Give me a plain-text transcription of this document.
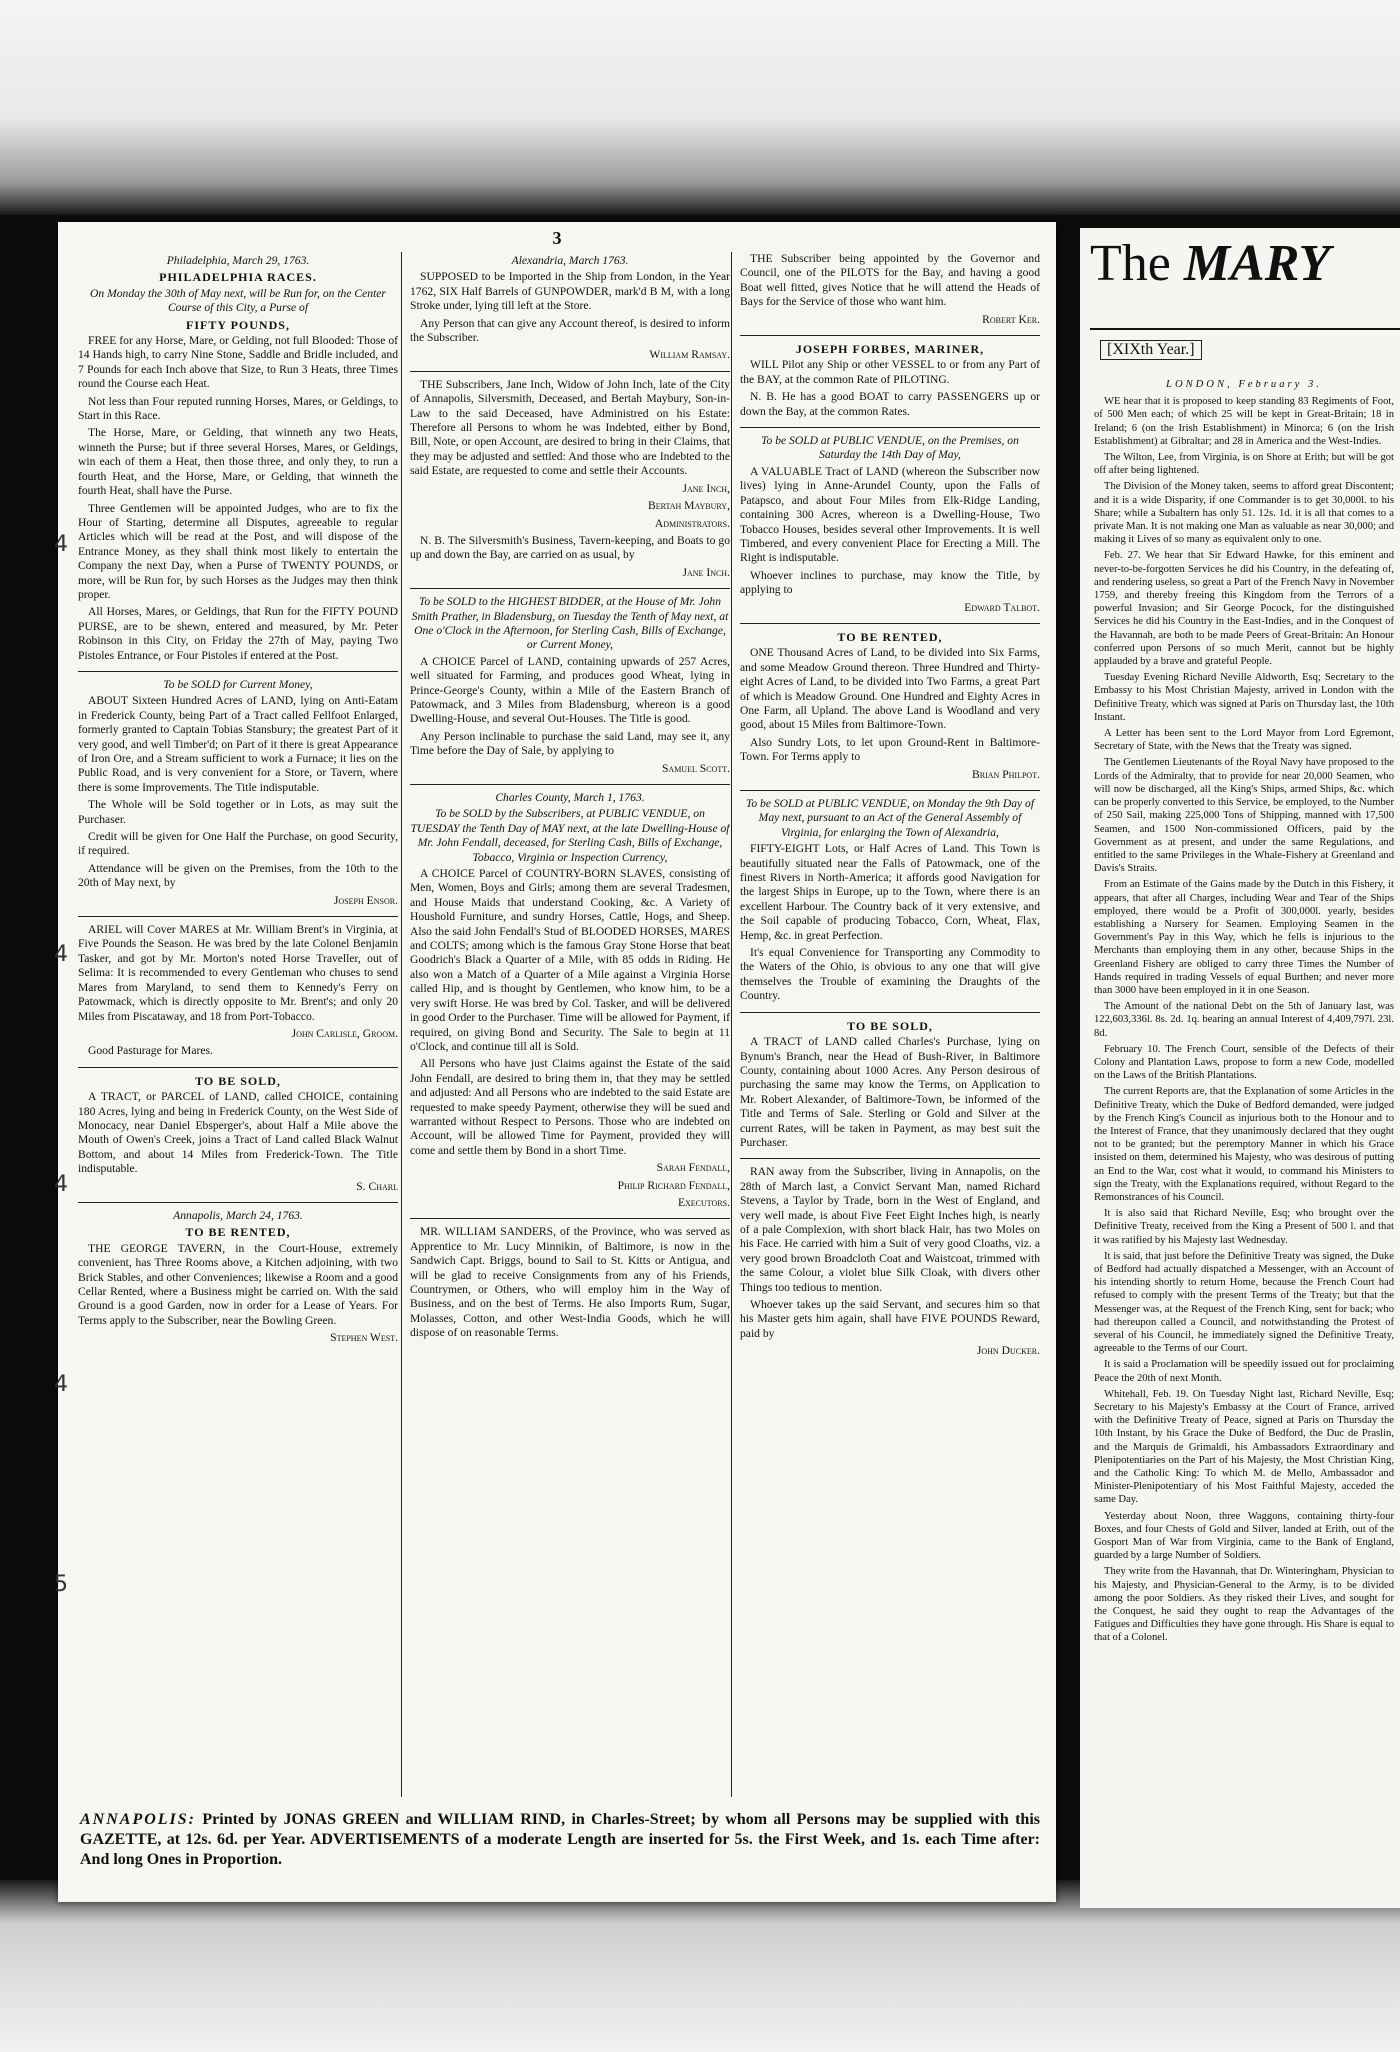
3
4
4
4
4
5

Philadelphia, March 29, 1763.

PHILADELPHIA RACES.

On Monday the 30th of May next, will be Run for, on the Center Course of this City, a Purse of

FIFTY POUNDS,

FREE for any Horse, Mare, or Gelding, not full Blooded: Those of 14 Hands high, to carry Nine Stone, Saddle and Bridle included, and 7 Pounds for each Inch above that Size, to Run 3 Heats, three Times round the Course each Heat.

Not less than Four reputed running Horses, Mares, or Geldings, to Start in this Race.

The Horse, Mare, or Gelding, that winneth any two Heats, winneth the Purse; but if three several Horses, Mares, or Geldings, win each of them a Heat, then those three, and only they, to run a fourth Heat, and the Horse, Mare, or Gelding, that winneth the fourth Heat, shall have the Purse.

Three Gentlemen will be appointed Judges, who are to fix the Hour of Starting, determine all Disputes, agreeable to regular Articles which will be read at the Post, and will dispose of the Entrance Money, as they shall think most likely to entertain the Company the next Day, when a Purse of TWENTY POUNDS, or more, will be Run for, by such Horses as the Judges may then think proper.

All Horses, Mares, or Geldings, that Run for the FIFTY POUND PURSE, are to be shewn, entered and measured, by Mr. Peter Robinson in this City, on Friday the 27th of May, paying Two Pistoles Entrance, or Four Pistoles if entered at the Post.

To be SOLD for Current Money,

ABOUT Sixteen Hundred Acres of LAND, lying on Anti-Eatam in Frederick County, being Part of a Tract called Fellfoot Enlarged, formerly granted to Captain Tobias Stansbury; the greatest Part of it very good, and well Timber'd; on Part of it there is great Appearance of Iron Ore, and a Stream sufficient to work a Furnace; it lies on the Public Road, and is very convenient for a Store, or Tavern, where there is some Improvements. The Title indisputable.

The Whole will be Sold together or in Lots, as may suit the Purchaser.

Credit will be given for One Half the Purchase, on good Security, if required.

Attendance will be given on the Premises, from the 10th to the 20th of May next, by

Joseph Ensor.

ARIEL will Cover MARES at Mr. William Brent's in Virginia, at Five Pounds the Season. He was bred by the late Colonel Benjamin Tasker, and got by Mr. Morton's noted Horse Traveller, out of Selima: It is recommended to every Gentleman who chuses to send Mares from Maryland, to send them to Kennedy's Ferry on Patowmack, which is directly opposite to Mr. Brent's; and only 20 Miles from Piscataway, and 18 from Port-Tobacco.

John Carlisle, Groom.

Good Pasturage for Mares.

TO BE SOLD,

A TRACT, or PARCEL of LAND, called CHOICE, containing 180 Acres, lying and being in Frederick County, on the West Side of Monocacy, near Daniel Ebsperger's, about Half a Mile above the Mouth of Owen's Creek, joins a Tract of Land called Black Walnut Bottom, and about 14 Miles from Frederick-Town. The Title indisputable.

S. Charl

Annapolis, March 24, 1763.

TO BE RENTED,

THE GEORGE TAVERN, in the Court-House, extremely convenient, has Three Rooms above, a Kitchen adjoining, with two Brick Stables, and other Conveniences; likewise a Room and a good Cellar Rented, where a Business might be carried on. With the said Ground is a good Garden, now in order for a Lease of Years. For Terms apply to the Subscriber, near the Bowling Green.

Stephen West.

Alexandria, March 1763.

SUPPOSED to be Imported in the Ship from London, in the Year 1762, SIX Half Barrels of GUNPOWDER, mark'd B M, with a long Stroke under, lying till left at the Store.

Any Person that can give any Account thereof, is desired to inform the Subscriber.

William Ramsay.

THE Subscribers, Jane Inch, Widow of John Inch, late of the City of Annapolis, Silversmith, Deceased, and Bertah Maybury, Son-in-Law to the said Deceased, have Administred on his Estate: Therefore all Persons to whom he was Indebted, either by Bond, Bill, Note, or open Account, are desired to bring in their Claims, that they may be adjusted and settled: And those who are Indebted to the said Estate, are requested to come and settle their Accounts.

Jane Inch,

Bertah Maybury,

Administrators.

N. B. The Silversmith's Business, Tavern-keeping, and Boats to go up and down the Bay, are carried on as usual, by

Jane Inch.

To be SOLD to the HIGHEST BIDDER, at the House of Mr. John Smith Prather, in Bladensburg, on Tuesday the Tenth of May next, at One o'Clock in the Afternoon, for Sterling Cash, Bills of Exchange, or Current Money,

A CHOICE Parcel of LAND, containing upwards of 257 Acres, well situated for Farming, and produces good Wheat, lying in Prince-George's County, within a Mile of the Eastern Branch of Patowmack, and 3 Miles from Bladensburg, whereon is a good Dwelling-House, and several Out-Houses. The Title is good.

Any Person inclinable to purchase the said Land, may see it, any Time before the Day of Sale, by applying to

Samuel Scott.

Charles County, March 1, 1763.

To be SOLD by the Subscribers, at PUBLIC VENDUE, on TUESDAY the Tenth Day of MAY next, at the late Dwelling-House of Mr. John Fendall, deceased, for Sterling Cash, Bills of Exchange, Tobacco, Virginia or Inspection Currency,

A CHOICE Parcel of COUNTRY-BORN SLAVES, consisting of Men, Women, Boys and Girls; among them are several Tradesmen, and House Maids that understand Cooking, &c. A Variety of Houshold Furniture, and sundry Horses, Cattle, Hogs, and Sheep. Also the said John Fendall's Stud of BLOODED HORSES, MARES and COLTS; among which is the famous Gray Stone Horse that beat Goodrich's Black a Quarter of a Mile, with 85 odds in Riding. He also won a Match of a Quarter of a Mile against a Virginia Horse called Hip, and is thought by Gentlemen, who know him, to be a very swift Horse. He was bred by Col. Tasker, and will be delivered in good Order to the Purchaser. Time will be allowed for Payment, if required, on giving Bond and Security. The Sale to begin at 11 o'Clock, and continue till all is Sold.

All Persons who have just Claims against the Estate of the said John Fendall, are desired to bring them in, that they may be settled and adjusted: And all Persons who are indebted to the said Estate are requested to make speedy Payment, otherwise they will be sued and warranted without Respect to Persons. Those who are indebted on Account, will be allowed Time for Payment, provided they will come and settle them by Bond in a short Time.

Sarah Fendall,

Philip Richard Fendall,

Executors.

MR. WILLIAM SANDERS, of the Province, who was served as Apprentice to Mr. Lucy Minnikin, of Baltimore, is now in the Sandwich Capt. Briggs, bound to Sail to St. Kitts or Antigua, and will be glad to receive Consignments from any of his Friends, Countrymen, or Others, who will employ him in the Way of Business, and on the best of Terms. He also Imports Rum, Sugar, Molasses, Cotton, and other West-India Goods, which he will dispose of on reasonable Terms.

THE Subscriber being appointed by the Governor and Council, one of the PILOTS for the Bay, and having a good Boat well fitted, gives Notice that he will attend the Heads of Bays for the Service of those who want him.

Robert Ker.

JOSEPH FORBES, MARINER,

WILL Pilot any Ship or other VESSEL to or from any Part of the BAY, at the common Rate of PILOTING.

N. B. He has a good BOAT to carry PASSENGERS up or down the Bay, at the common Rates.

To be SOLD at PUBLIC VENDUE, on the Premises, on Saturday the 14th Day of May,

A VALUABLE Tract of LAND (whereon the Subscriber now lives) lying in Anne-Arundel County, upon the Falls of Patapsco, and about Four Miles from Elk-Ridge Landing, containing 300 Acres, whereon is a Dwelling-House, Two Tobacco Houses, besides several other Improvements. It is well Timbered, and every convenient Place for Erecting a Mill. The Right is indisputable.

Whoever inclines to purchase, may know the Title, by applying to

Edward Talbot.

TO BE RENTED,

ONE Thousand Acres of Land, to be divided into Six Farms, and some Meadow Ground thereon. Three Hundred and Thirty-eight Acres of Land, to be divided into Two Farms, a great Part of which is Meadow Ground. One Hundred and Eighty Acres in One Farm, all Upland. The above Land is Woodland and very good, about 15 Miles from Baltimore-Town.

Also Sundry Lots, to let upon Ground-Rent in Baltimore-Town. For Terms apply to

Brian Philpot.

To be SOLD at PUBLIC VENDUE, on Monday the 9th Day of May next, pursuant to an Act of the General Assembly of Virginia, for enlarging the Town of Alexandria,

FIFTY-EIGHT Lots, or Half Acres of Land. This Town is beautifully situated near the Falls of Patowmack, one of the finest Rivers in North-America; it affords good Navigation for the largest Ships in Europe, up to the Town, where there is an excellent Harbour. The Country back of it very extensive, and the Soil capable of producing Tobacco, Corn, Wheat, Flax, Hemp, &c. in great Perfection.

It's equal Convenience for Transporting any Commodity to the Waters of the Ohio, is obvious to any one that will give themselves the Trouble of examining the Draughts of the Country.

TO BE SOLD,

A TRACT of LAND called Charles's Purchase, lying on Bynum's Branch, near the Head of Bush-River, in Baltimore County, containing about 1000 Acres. Any Person desirous of purchasing the same may know the Terms, on Application to Mr. Robert Alexander, of Baltimore-Town, be informed of the Title and Terms of Sale. Sterling or Gold and Silver at the current Rates, will be taken in Payment, as may best suit the Purchaser.

RAN away from the Subscriber, living in Annapolis, on the 28th of March last, a Convict Servant Man, named Richard Stevens, a Taylor by Trade, born in the West of England, and very well made, is about Five Feet Eight Inches high, is nearly of a pale Complexion, with short black Hair, has two Moles on his Face. He carried with him a Suit of very good Cloaths, viz. a very good brown Broadcloth Coat and Waistcoat, trimmed with the same Colour, a violet blue Silk Cloak, with divers other Things too tedious to mention.

Whoever takes up the said Servant, and secures him so that his Master gets him again, shall have FIVE POUNDS Reward, paid by

John Ducker.

ANNAPOLIS: Printed by JONAS GREEN and WILLIAM RIND, in Charles-Street; by whom all Persons may be supplied with this GAZETTE, at 12s. 6d. per Year. ADVERTISEMENTS of a moderate Length are inserted for 5s. the First Week, and 1s. each Time after: And long Ones in Proportion.
The MARY
[XIXth Year.]

LONDON, February 3.

WE hear that it is proposed to keep standing 83 Regiments of Foot, of 500 Men each; of which 25 will be kept in Great-Britain; 18 in Ireland; 6 (on the Irish Establishment) in Minorca; 6 (on the Irish Establishment) at Gibraltar; and 28 in America and the West-Indies.

The Wilton, Lee, from Virginia, is on Shore at Erith; but will be got off after being lightened.

The Division of the Money taken, seems to afford great Discontent; and it is a wide Disparity, if one Commander is to get 30,000l. to his Share; while a Subaltern has only 51. 12s. 1d. it is all that comes to a private Man. It is not making one Man as valuable as near 30,000; and making it Lives of so many as equivalent only to one.

Feb. 27. We hear that Sir Edward Hawke, for this eminent and never-to-be-forgotten Services he did his Country, in the defeating of, and rendering useless, so great a Part of the French Navy in November 1759, and thereby freeing this Kingdom from the Terrors of a powerful Invasion; and Sir George Pocock, for the distinguished Services he did his Country in the East-Indies, and in the Conquest of the Havannah, are both to be made Peers of Great-Britain: An Honour conferred upon Persons of so much Merit, cannot but be highly applauded by a brave and grateful People.

Tuesday Evening Richard Neville Aldworth, Esq; Secretary to the Embassy to his Most Christian Majesty, arrived in London with the Definitive Treaty, which was signed at Paris on Thursday last, the 10th Instant.

A Letter has been sent to the Lord Mayor from Lord Egremont, Secretary of State, with the News that the Treaty was signed.

The Gentlemen Lieutenants of the Royal Navy have proposed to the Lords of the Admiralty, that to provide for near 20,000 Seamen, who will now be discharged, all the King's Ships, armed Ships, &c. which can be properly converted to this Service, be employed, to the Number of 250 Sail, making 225,000 Tons of Shipping, manned with 17,500 Seamen, and 1500 Non-commissioned Officers, paid by the Government as at present, and under the same Regulations, and entitled to the same Privileges in the Whale-Fishery at Greenland and Davis's Straits.

From an Estimate of the Gains made by the Dutch in this Fishery, it appears, that after all Charges, including Wear and Tear of the Ships employed, there would be a Profit of 300,000l. yearly, besides establishing a Nursery for Seamen. Employing Seamen in the Government's Pay in this Way, which he fells is injurious to the Merchants than employing them in any other, because Ships in the Greenland Fishery are obliged to carry three Times the Number of Hands required in trading Vessels of equal Burthen; and never more than 3000 have been employed in it in one Season.

The Amount of the national Debt on the 5th of January last, was 122,603,336l. 8s. 2d. 1q. bearing an annual Interest of 4,409,797l. 23l. 8d.

February 10. The French Court, sensible of the Defects of their Colony and Plantation Laws, propose to form a new Code, modelled on the Laws of the British Plantations.

The current Reports are, that the Explanation of some Articles in the Definitive Treaty, which the Duke of Bedford demanded, were judged by the French King's Council as injurious both to the Honour and to the Interest of France, that they unanimously declared that they ought not to be granted; but the peremptory Manner in which his Grace insisted on them, determined his Majesty, who was desirous of putting an End to the War, cost what it would, to command his Ministers to sign the Treaty, with the Explanations required, without Regard to the Remonstrances of his Council.

It is also said that Richard Neville, Esq; who brought over the Definitive Treaty, received from the King a Present of 500 l. and that it was ratified by his Majesty last Wednesday.

It is said, that just before the Definitive Treaty was signed, the Duke of Bedford had actually dispatched a Messenger, with an Account of his intending shortly to return Home, because the French Court had refused to comply with the present Terms of the Treaty; but that the Messenger was, at the Request of the French King, sent for back; who had thereupon called a Council, and notwithstanding the Protest of several of his Council, he immediately signed the Definitive Treaty, agreeable to the Terms of our Court.

It is said a Proclamation will be speedily issued out for proclaiming Peace the 20th of next Month.

Whitehall, Feb. 19. On Tuesday Night last, Richard Neville, Esq; Secretary to his Majesty's Embassy at the Court of France, arrived with the Definitive Treaty of Peace, signed at Paris on Thursday the 10th Instant, by his Grace the Duke of Bedford, the Duc de Praslin, and the Marquis de Grimaldi, his Ambassadors Extraordinary and Plenipotentiaries on the Part of his Majesty, the Most Christian King, and the Catholic King: To which M. de Mello, Ambassador and Minister-Plenipotentiary of his Most Faithful Majesty, acceded the same Day.

Yesterday about Noon, three Waggons, containing thirty-four Boxes, and four Chests of Gold and Silver, landed at Erith, out of the Gosport Man of War from Virginia, came to the Bank of England, guarded by a large Number of Soldiers.

They write from the Havannah, that Dr. Winteringham, Physician to his Majesty, and Physician-General to the Army, is to be divided among the poor Soldiers. As they risked their Lives, and sought for the Conquest, he said they ought to reap the Advantages of the Fatigues and Difficulties they have gone through. His Share is equal to that of a Colonel.
